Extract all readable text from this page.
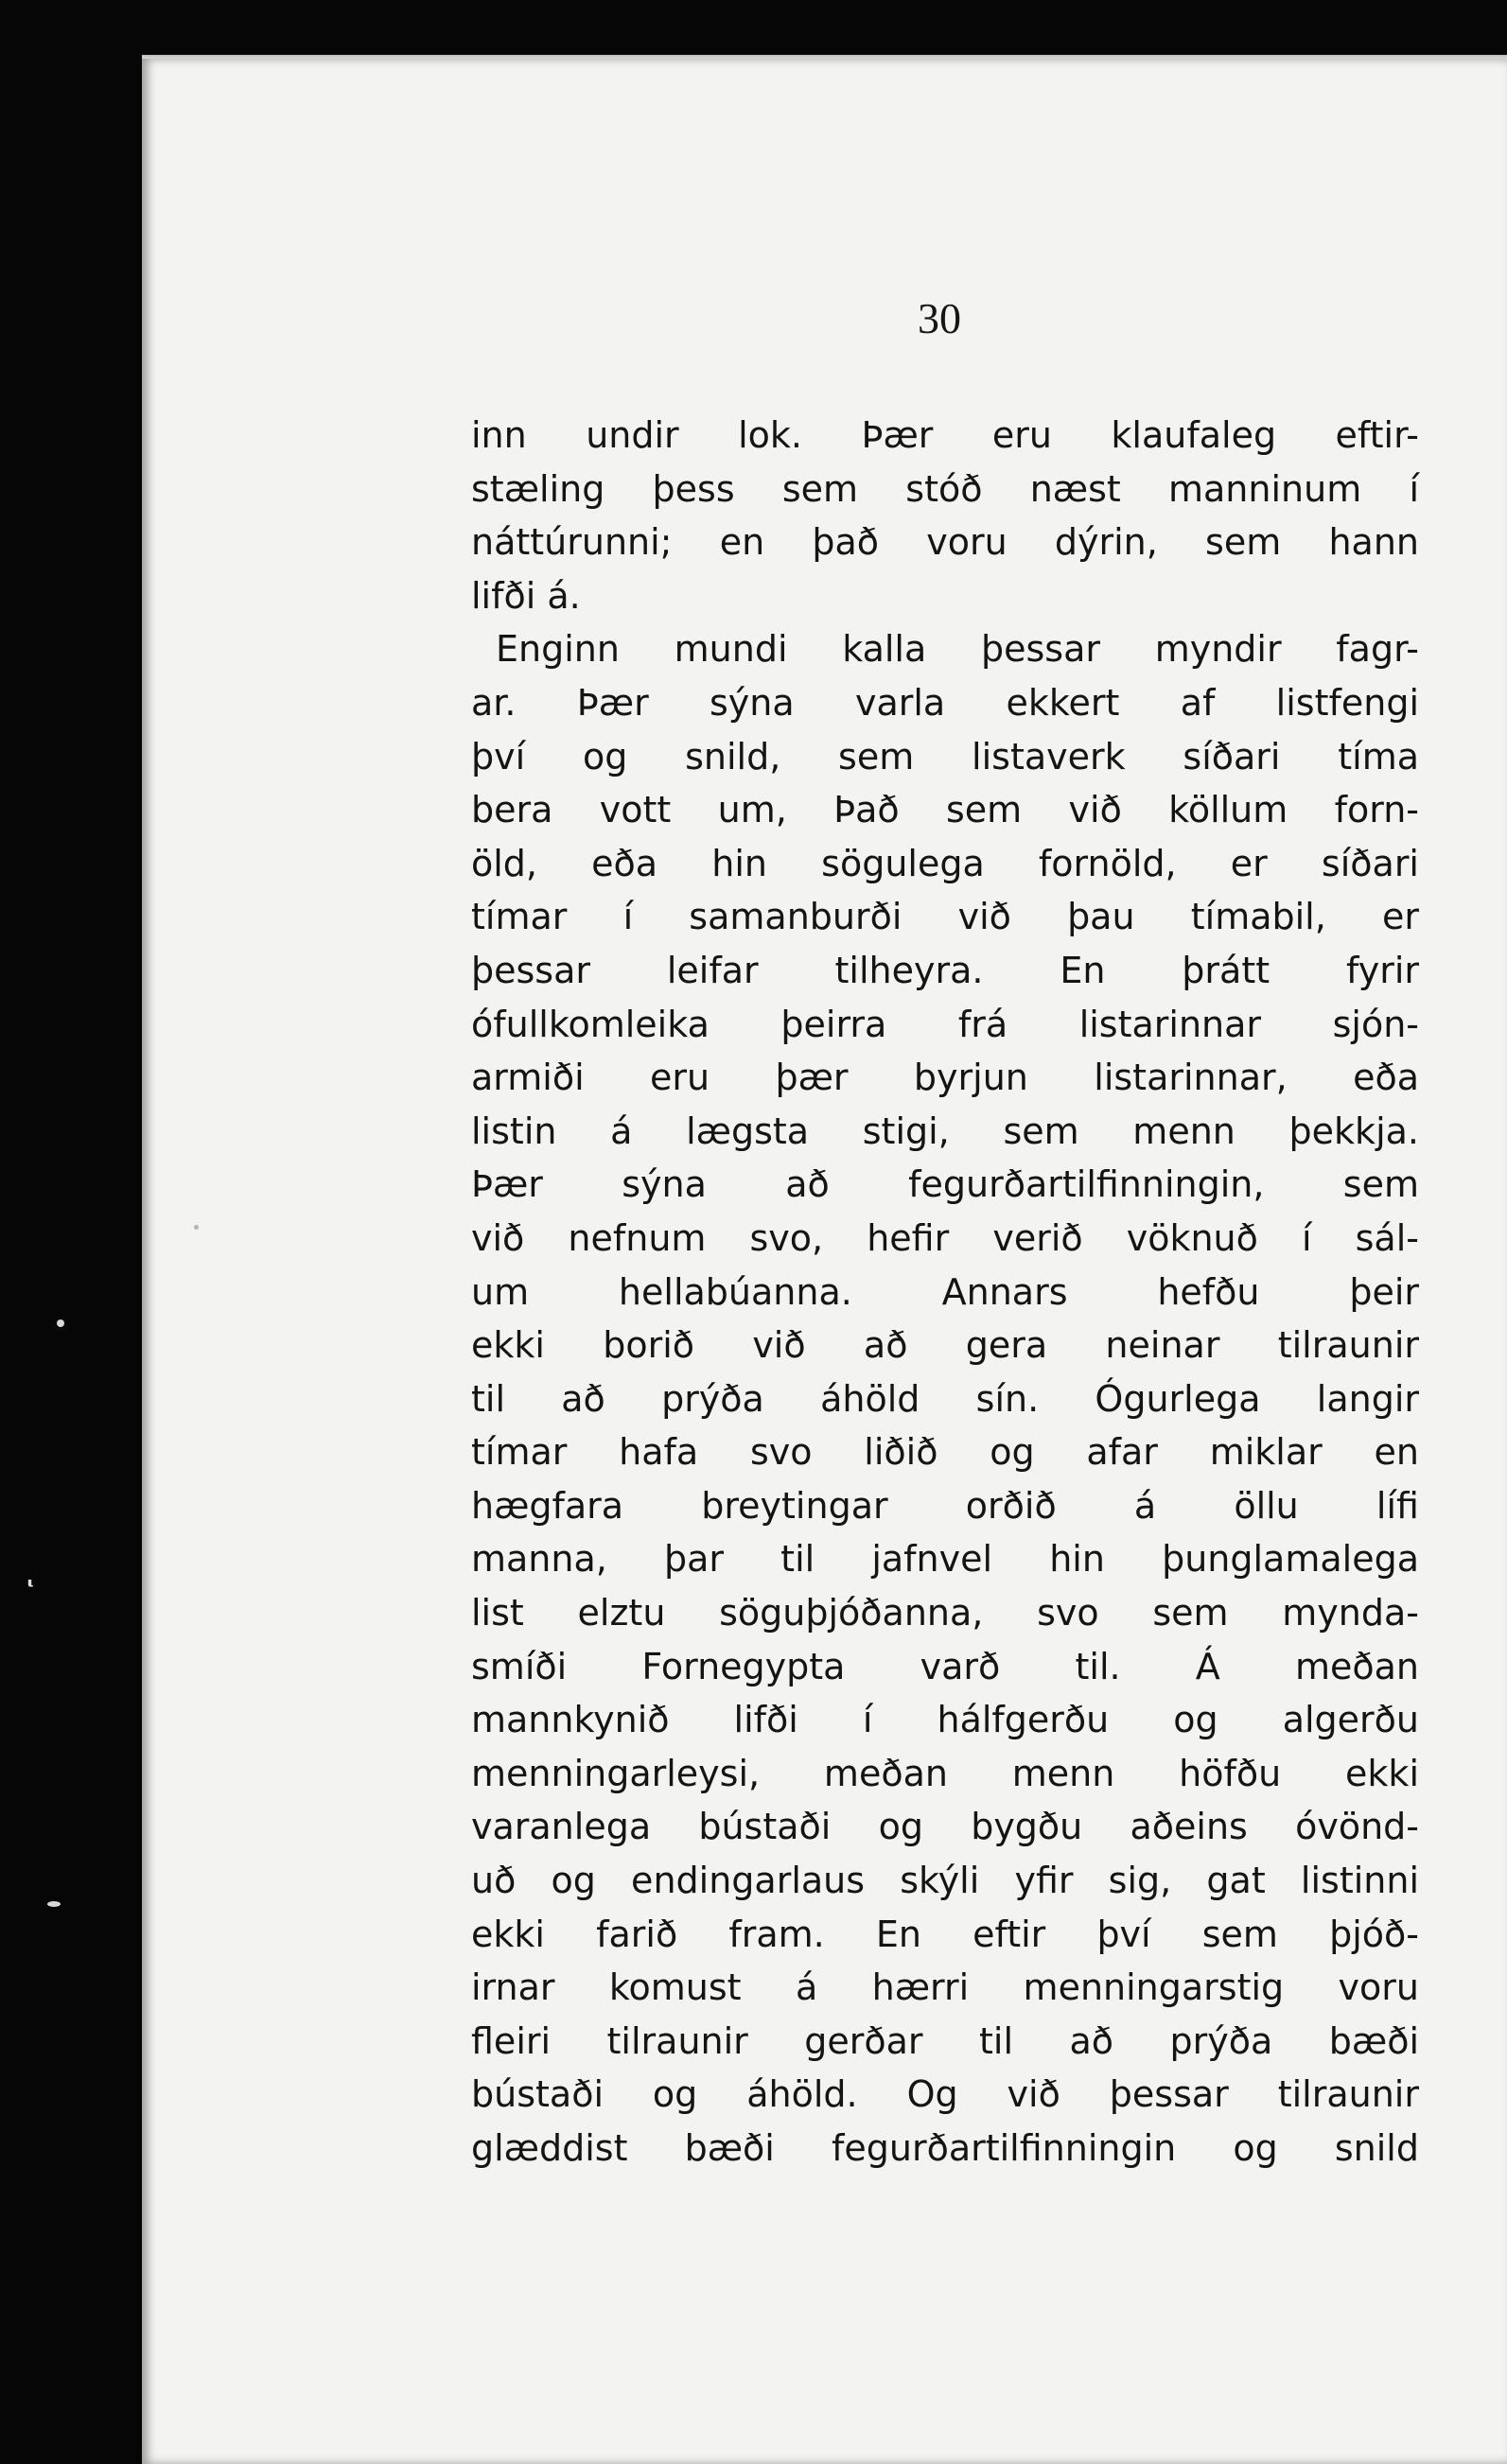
ͺ

30

inn undir lok. Þær eru klaufaleg eftir-
stæling þess sem stóð næst manninum í
náttúrunni; en það voru dýrin, sem hann
lifði á.
Enginn mundi kalla þessar myndir fagr-
ar. Þær sýna varla ekkert af listfengi
því og snild, sem listaverk síðari tíma
bera vott um, Það sem við köllum forn-
öld, eða hin sögulega fornöld, er síðari
tímar í samanburði við þau tímabil, er
þessar leifar tilheyra. En þrátt fyrir
ófullkomleika þeirra frá listarinnar sjón-
armiði eru þær byrjun listarinnar, eða
listin á lægsta stigi, sem menn þekkja.
Þær sýna að fegurðartilfinningin, sem
við nefnum svo, hefir verið vöknuð í sál-
um hellabúanna. Annars hefðu þeir
ekki borið við að gera neinar tilraunir
til að prýða áhöld sín. Ógurlega langir
tímar hafa svo liðið og afar miklar en
hægfara breytingar orðið á öllu lífi
manna, þar til jafnvel hin þunglamalega
list elztu söguþjóðanna, svo sem mynda-
smíði Fornegypta varð til. Á meðan
mannkynið lifði í hálfgerðu og algerðu
menningarleysi, meðan menn höfðu ekki
varanlega bústaði og bygðu aðeins óvönd-
uð og endingarlaus skýli yfir sig, gat listinni
ekki farið fram. En eftir því sem þjóð-
irnar komust á hærri menningarstig voru
fleiri tilraunir gerðar til að prýða bæði
bústaði og áhöld. Og við þessar tilraunir
glæddist bæði fegurðartilfinningin og snild
